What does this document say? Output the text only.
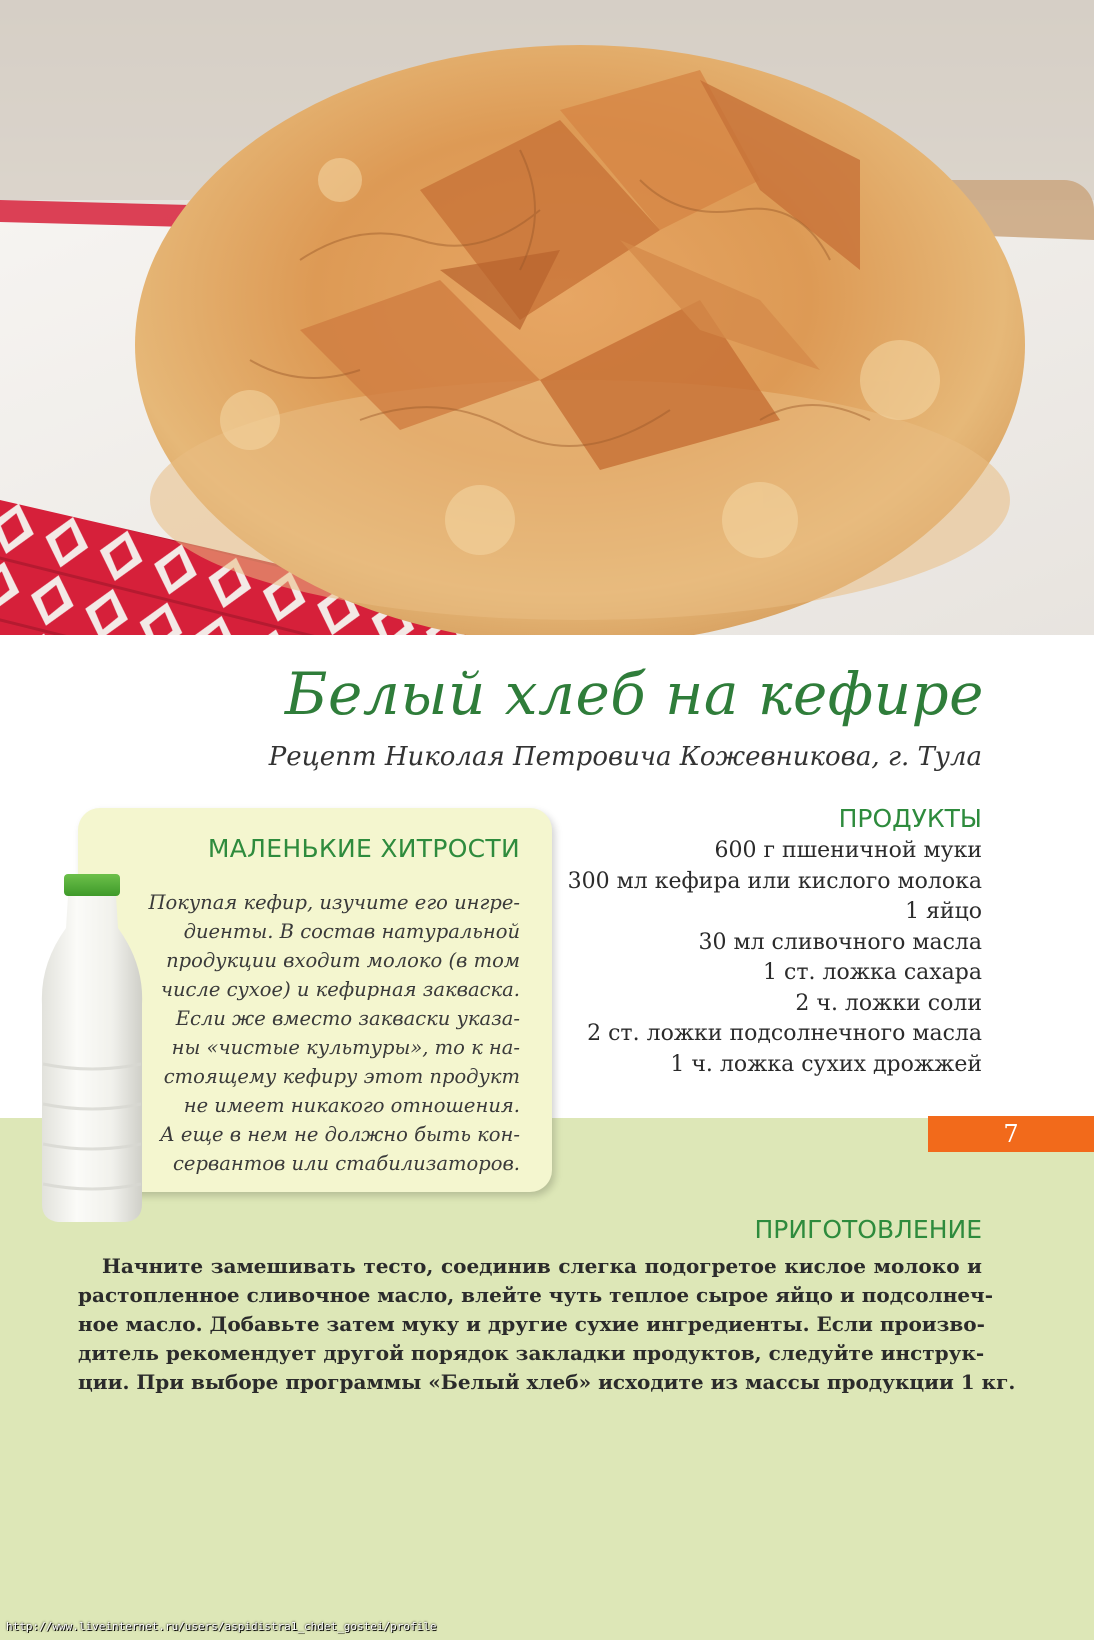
Белый хлеб на кефире
Рецепт Николая Петровича Кожевникова, г. Тула
МАЛЕНЬКИЕ ХИТРОСТИ

Покупая кефир, изучите его ингре-
диенты. В состав натуральной
продукции входит молоко (в том
числе сухое) и кефирная закваска.
Если же вместо закваски указа-
ны «чистые культуры», то к на-
стоящему кефиру этот продукт
не имеет никакого отношения.
А еще в нем не должно быть кон-
сервантов или стабилизаторов.

ПРОДУКТЫ
600 г пшеничной муки
300 мл кефира или кислого молока
1 яйцо
30 мл сливочного масла
1 ст. ложка сахара
2 ч. ложки соли
2 ст. ложки подсолнечного масла
1 ч. ложка сухих дрожжей
7
ПРИГОТОВЛЕНИЕ

Начните замешивать тесто, соединив слегка подогретое кислое молоко и
растопленное сливочное масло, влейте чуть теплое сырое яйцо и подсолнеч-
ное масло. Добавьте затем муку и другие сухие ингредиенты. Если произво-
дитель рекомендует другой порядок закладки продуктов, следуйте инструк-
ции. При выборе программы «Белый хлеб» исходите из массы продукции 1 кг.

http://www.liveinternet.ru/users/aspidistra1_chdet_gostei/profile
